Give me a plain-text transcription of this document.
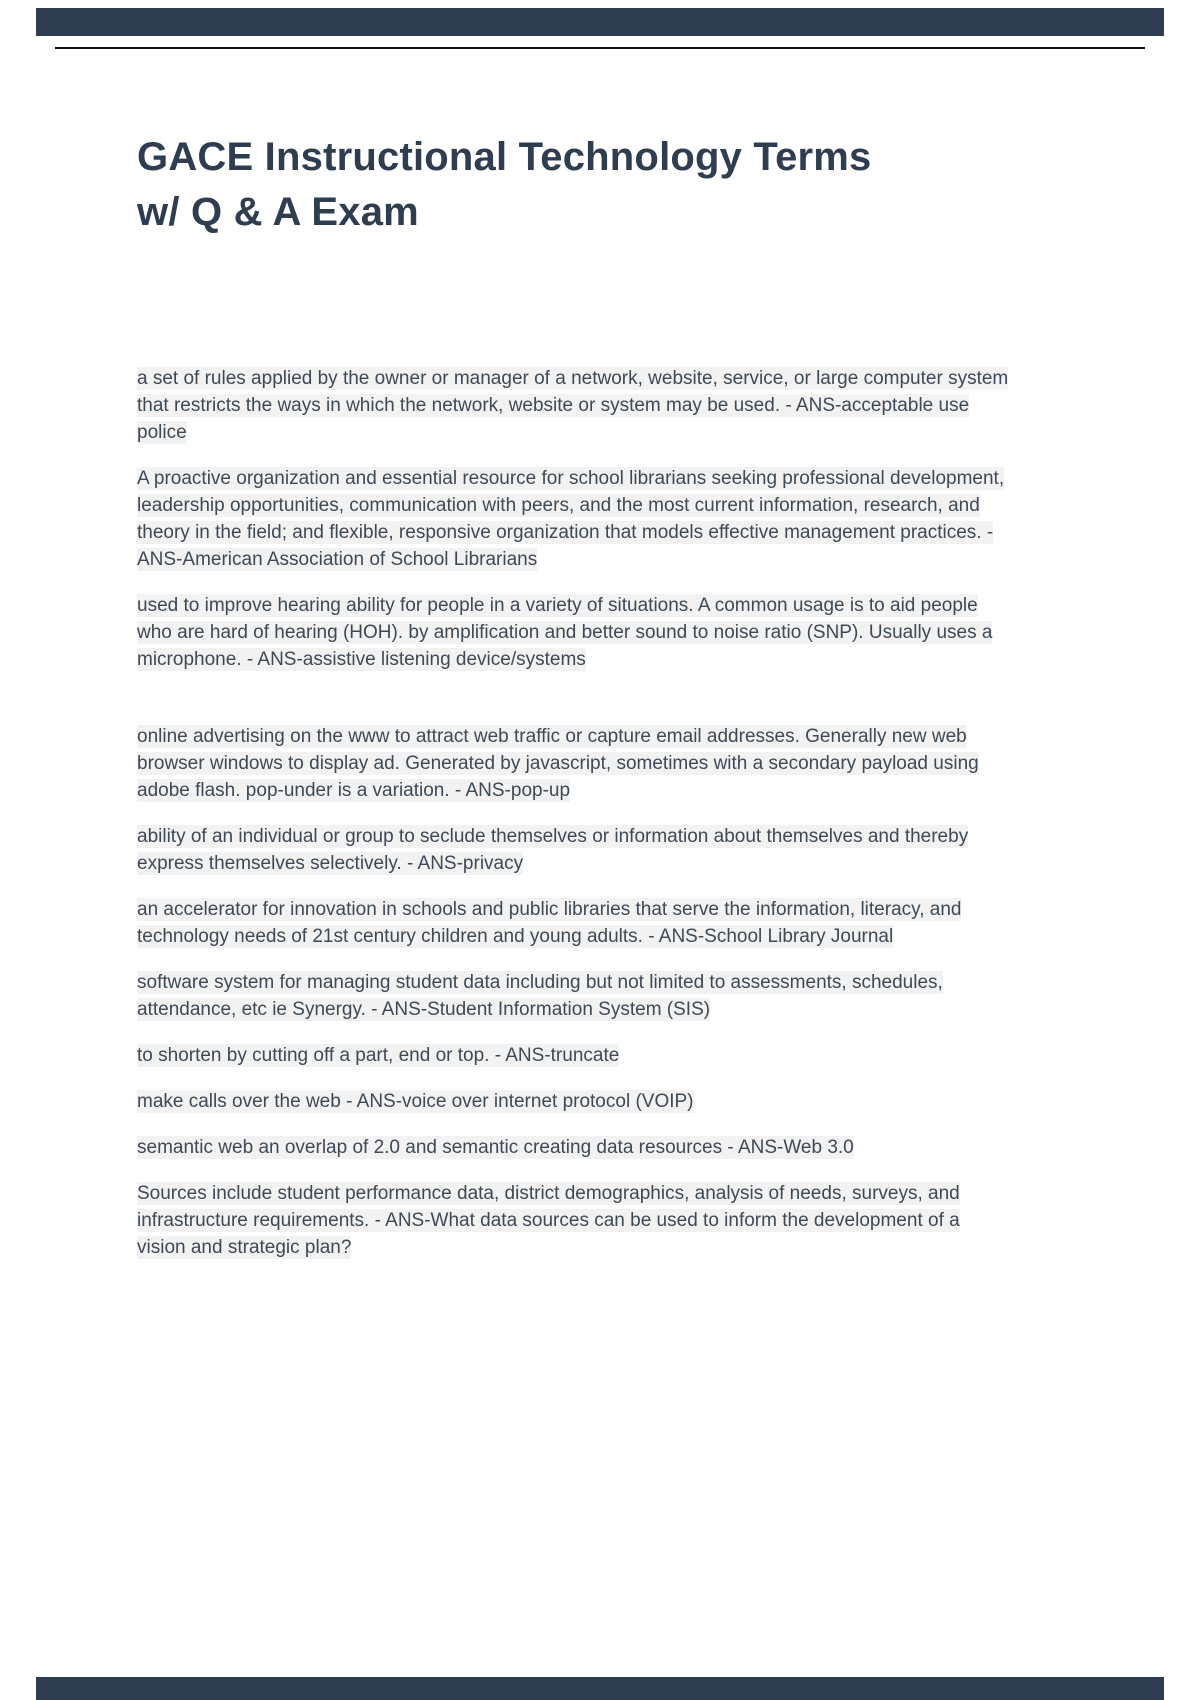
GACE Instructional Technology Terms
w/ Q & A Exam

a set of rules applied by the owner or manager of a network, website, service, or large computer system that restricts the ways in which the network, website or system may be used. - ANS-acceptable use police

A proactive organization and essential resource for school librarians seeking professional development, leadership opportunities, communication with peers, and the most current information, research, and theory in the field; and flexible, responsive organization that models effective management practices. - ANS-American Association of School Librarians

used to improve hearing ability for people in a variety of situations. A common usage is to aid people who are hard of hearing (HOH). by amplification and better sound to noise ratio (SNP). Usually uses a microphone. - ANS-assistive listening device/systems

online advertising on the www to attract web traffic or capture email addresses. Generally new web browser windows to display ad. Generated by javascript, sometimes with a secondary payload using adobe flash. pop-under is a variation. - ANS-pop-up

ability of an individual or group to seclude themselves or information about themselves and thereby express themselves selectively. - ANS-privacy

an accelerator for innovation in schools and public libraries that serve the information, literacy, and technology needs of 21st century children and young adults. - ANS-School Library Journal

software system for managing student data including but not limited to assessments, schedules, attendance, etc ie Synergy. - ANS-Student Information System (SIS)

to shorten by cutting off a part, end or top. - ANS-truncate

make calls over the web - ANS-voice over internet protocol (VOIP)

semantic web an overlap of 2.0 and semantic creating data resources - ANS-Web 3.0

Sources include student performance data, district demographics, analysis of needs, surveys, and infrastructure requirements. - ANS-What data sources can be used to inform the development of a vision and strategic plan?
